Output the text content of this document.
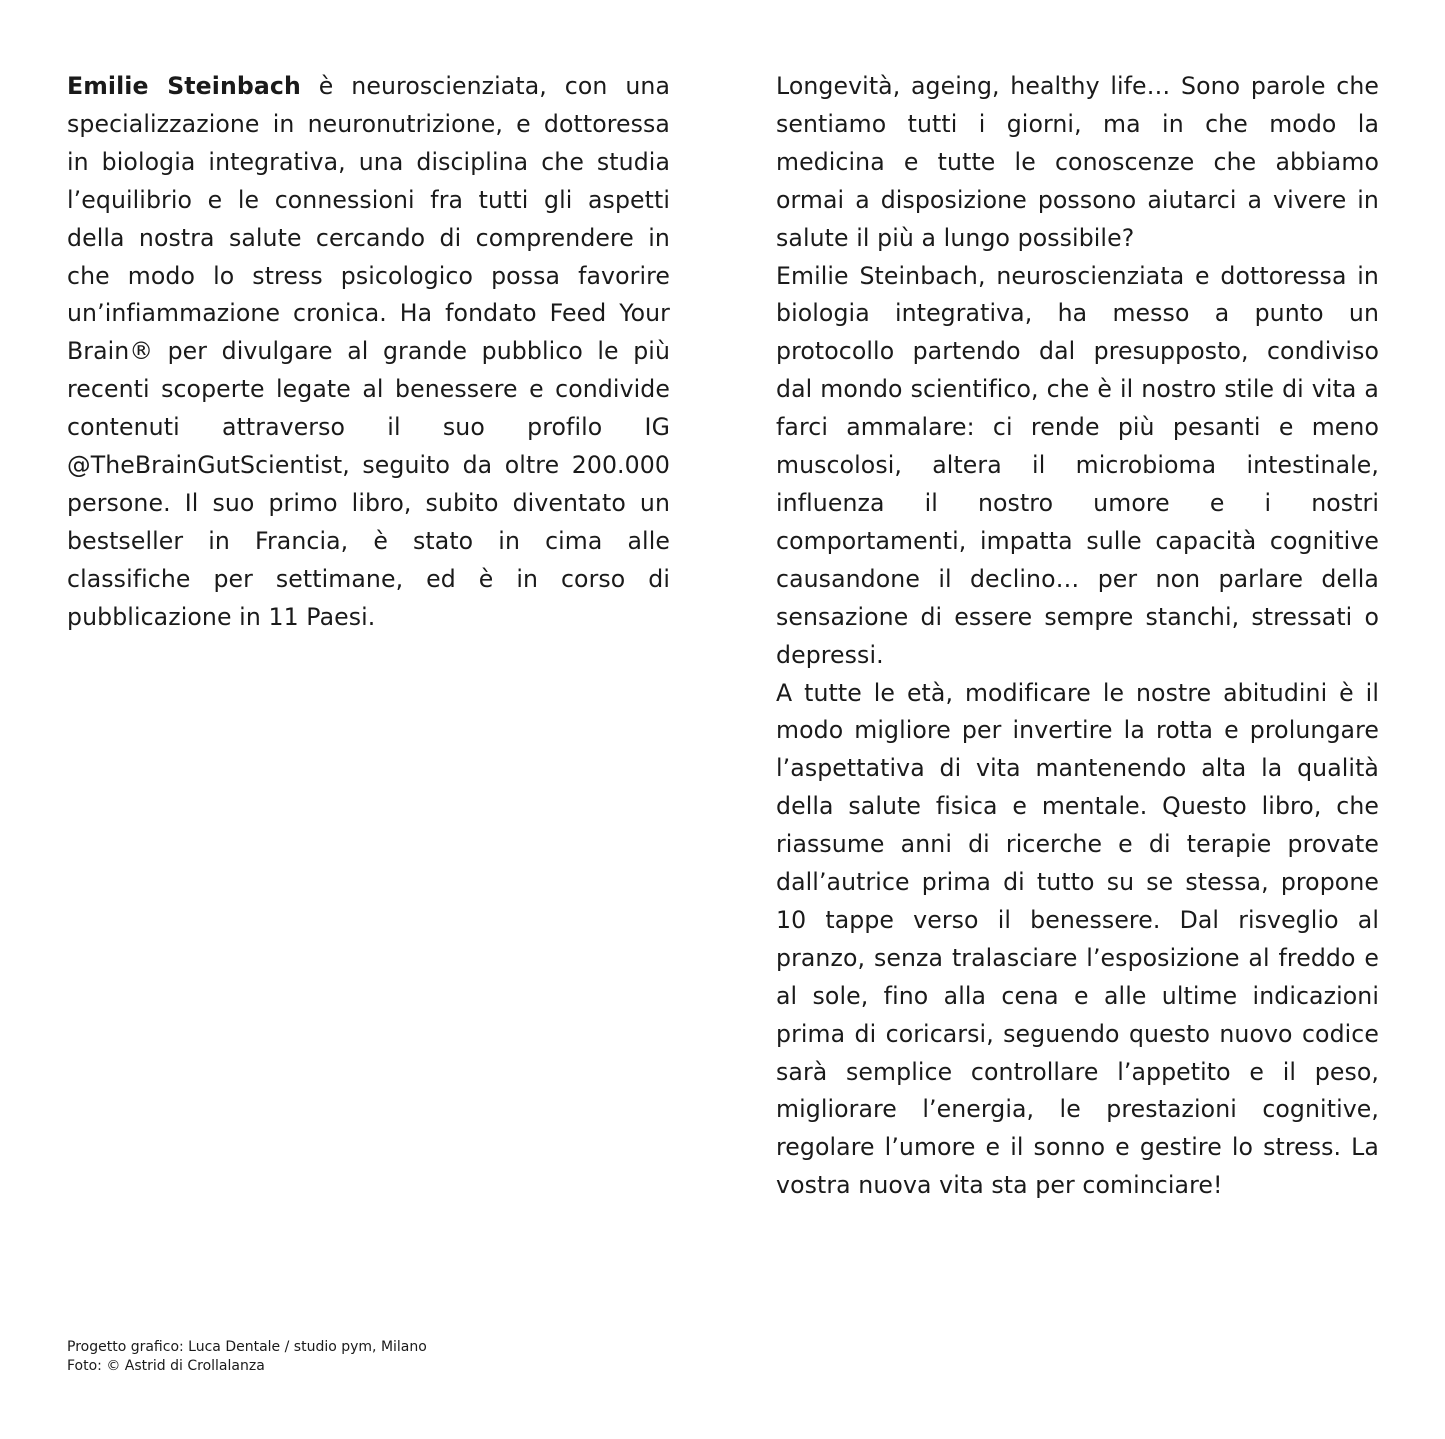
Emilie Steinbach è neuroscienziata, con una specializzazione in neuronutrizione, e dottoressa in biologia integrativa, una disciplina che studia l’equilibrio e le connessioni fra tutti gli aspetti della nostra salute cercando di comprendere in che modo lo stress psicologico possa favorire un’infiammazione cronica. Ha fondato Feed Your Brain® per divulgare al grande pubblico le più recenti scoperte legate al benessere e condivide contenuti attraverso il suo profilo IG @TheBrainGutScientist, seguito da oltre 200.000 persone. Il suo primo libro, subito diventato un bestseller in Francia, è stato in cima alle classifiche per settimane, ed è in corso di pubblicazione in 11 Paesi.

Longevità, ageing, healthy life… Sono parole che sentiamo tutti i giorni, ma in che modo la medicina e tutte le conoscenze che abbiamo ormai a disposizione possono aiutarci a vivere in salute il più a lungo possibile?

Emilie Steinbach, neuroscienziata e dottoressa in biologia integrativa, ha messo a punto un protocollo partendo dal presupposto, condiviso dal mondo scientifico, che è il nostro stile di vita a farci ammalare: ci rende più pesanti e meno muscolosi, altera il microbioma intestinale, influenza il nostro umore e i nostri comportamenti, impatta sulle capacità cognitive causandone il declino… per non parlare della sensazione di essere sempre stanchi, stressati o depressi.

A tutte le età, modificare le nostre abitudini è il modo migliore per invertire la rotta e prolungare l’aspettativa di vita mantenendo alta la qualità della salute fisica e mentale. Questo libro, che riassume anni di ricerche e di terapie provate dall’autrice prima di tutto su se stessa, propone 10 tappe verso il benessere. Dal risveglio al pranzo, senza tralasciare l’esposizione al freddo e al sole, fino alla cena e alle ultime indicazioni prima di coricarsi, seguendo questo nuovo codice sarà semplice controllare l’appetito e il peso, migliorare l’energia, le prestazioni cognitive, regolare l’umore e il sonno e gestire lo stress. La vostra nuova vita sta per cominciare!

Progetto grafico: Luca Dentale / studio pym, Milano
Foto: © Astrid di Crollalanza
